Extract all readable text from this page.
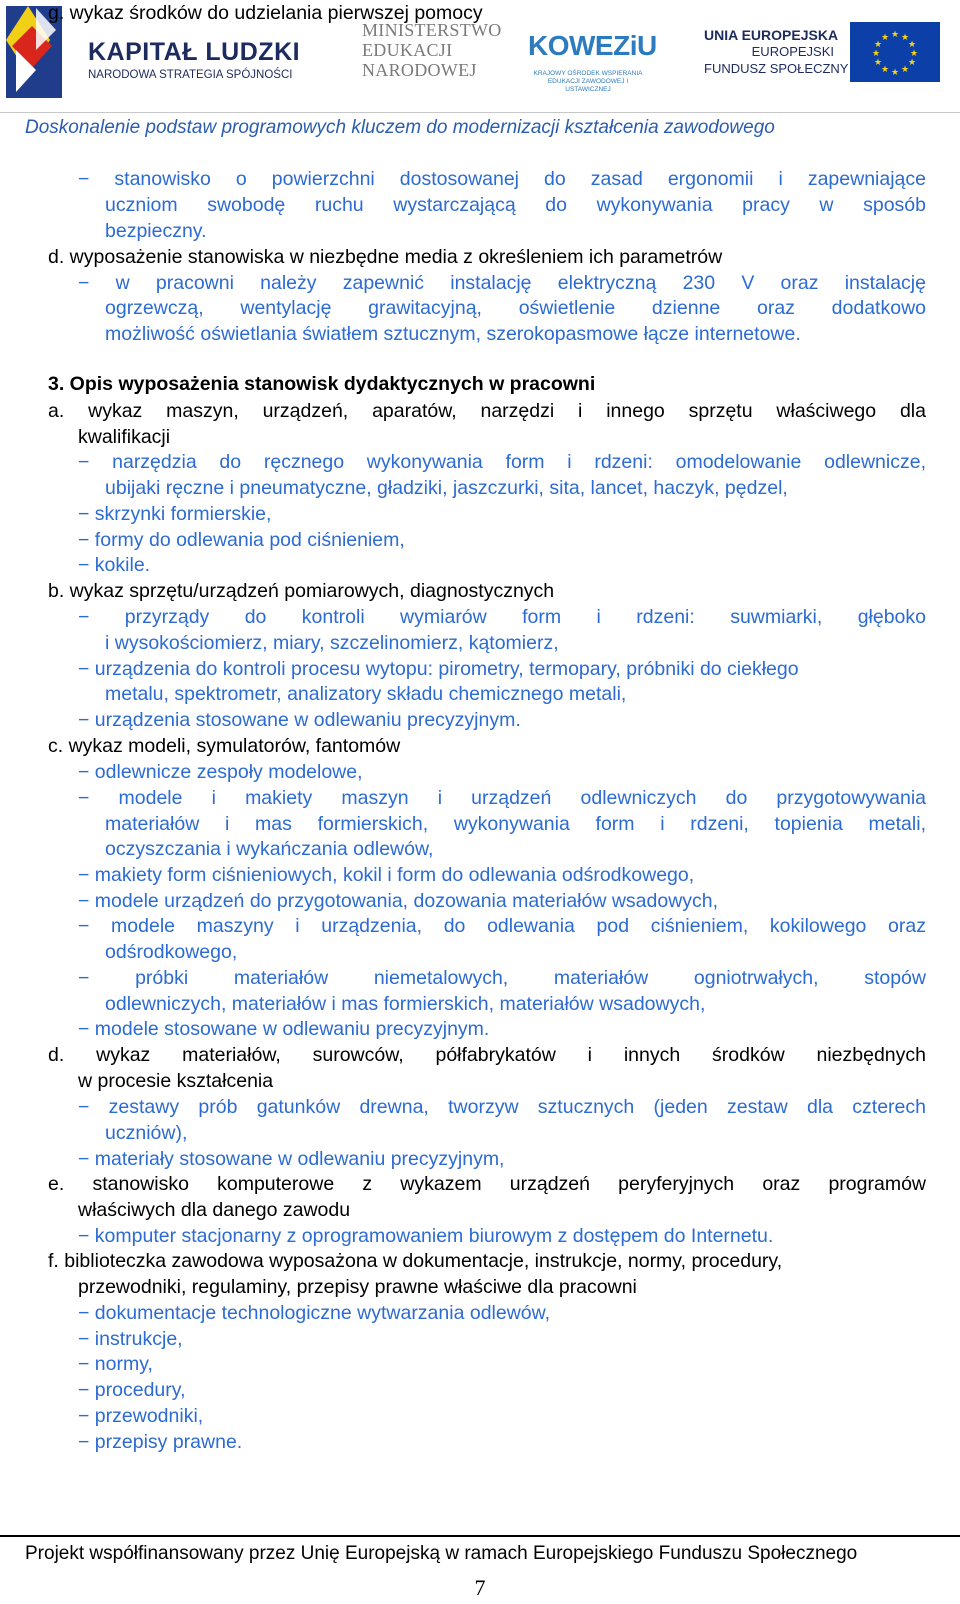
KAPITAŁ LUDZKI
NARODOWA STRATEGIA SPÓJNOŚCI
MINISTERSTWO
EDUKACJI
NARODOWEJ
KOWEZiU
KRAJOWY OŚRODEK WSPIERANIA EDUKACJI ZAWODOWEJ I USTAWICZNEJ
UNIA EUROPEJSKA
EUROPEJSKI
FUNDUSZ SPOŁECZNY
★ ★
★
★
★
★
★
★
★
★
★
★
Doskonalenie podstaw programowych kluczem do modernizacji kształcenia zawodowego
− stanowisko o powierzchni dostosowanej do zasad ergonomii i zapewniające
uczniom swobodę ruchu wystarczającą do wykonywania pracy w sposób
bezpieczny.
d. wyposażenie stanowiska w niezbędne media z określeniem ich parametrów
− w pracowni należy zapewnić instalację elektryczną 230 V oraz instalację
ogrzewczą, wentylację grawitacyjną, oświetlenie dzienne oraz dodatkowo
możliwość oświetlania światłem sztucznym, szerokopasmowe łącze internetowe.
3. Opis wyposażenia stanowisk dydaktycznych w pracowni
a. wykaz maszyn, urządzeń, aparatów, narzędzi i innego sprzętu właściwego dla
kwalifikacji
− narzędzia do ręcznego wykonywania form i rdzeni: omodelowanie odlewnicze,
ubijaki ręczne i pneumatyczne, gładziki, jaszczurki, sita, lancet, haczyk, pędzel,
− skrzynki formierskie,
− formy do odlewania pod ciśnieniem,
− kokile.
b. wykaz sprzętu/urządzeń pomiarowych, diagnostycznych
− przyrządy do kontroli wymiarów form i rdzeni: suwmiarki, głęboko
i wysokościomierz, miary, szczelinomierz, kątomierz,
− urządzenia do kontroli procesu wytopu: pirometry, termopary, próbniki do ciekłego
metalu, spektrometr, analizatory składu chemicznego metali,
− urządzenia stosowane w odlewaniu precyzyjnym.
c. wykaz modeli, symulatorów, fantomów
− odlewnicze zespoły modelowe,
− modele i makiety maszyn i urządzeń odlewniczych do przygotowywania
materiałów i mas formierskich, wykonywania form i rdzeni, topienia metali,
oczyszczania i wykańczania odlewów,
− makiety form ciśnieniowych, kokil i form do odlewania odśrodkowego,
− modele urządzeń do przygotowania, dozowania materiałów wsadowych,
− modele maszyny i urządzenia, do odlewania pod ciśnieniem, kokilowego oraz
odśrodkowego,
− próbki materiałów niemetalowych, materiałów ogniotrwałych, stopów
odlewniczych, materiałów i mas formierskich, materiałów wsadowych,
− modele stosowane w odlewaniu precyzyjnym.
d. wykaz materiałów, surowców, półfabrykatów i innych środków niezbędnych
w procesie kształcenia
− zestawy prób gatunków drewna, tworzyw sztucznych (jeden zestaw dla czterech
uczniów),
− materiały stosowane w odlewaniu precyzyjnym,
e. stanowisko komputerowe z wykazem urządzeń peryferyjnych oraz programów
właściwych dla danego zawodu
− komputer stacjonarny z oprogramowaniem biurowym z dostępem do Internetu.
f. biblioteczka zawodowa wyposażona w dokumentacje, instrukcje, normy, procedury,
przewodniki, regulaminy, przepisy prawne właściwe dla pracowni
− dokumentacje technologiczne wytwarzania odlewów,
− instrukcje,
− normy,
− procedury,
− przewodniki,
− przepisy prawne.
g. wykaz środków do udzielania pierwszej pomocy
Projekt współfinansowany przez Unię Europejską w ramach Europejskiego Funduszu Społecznego
7
